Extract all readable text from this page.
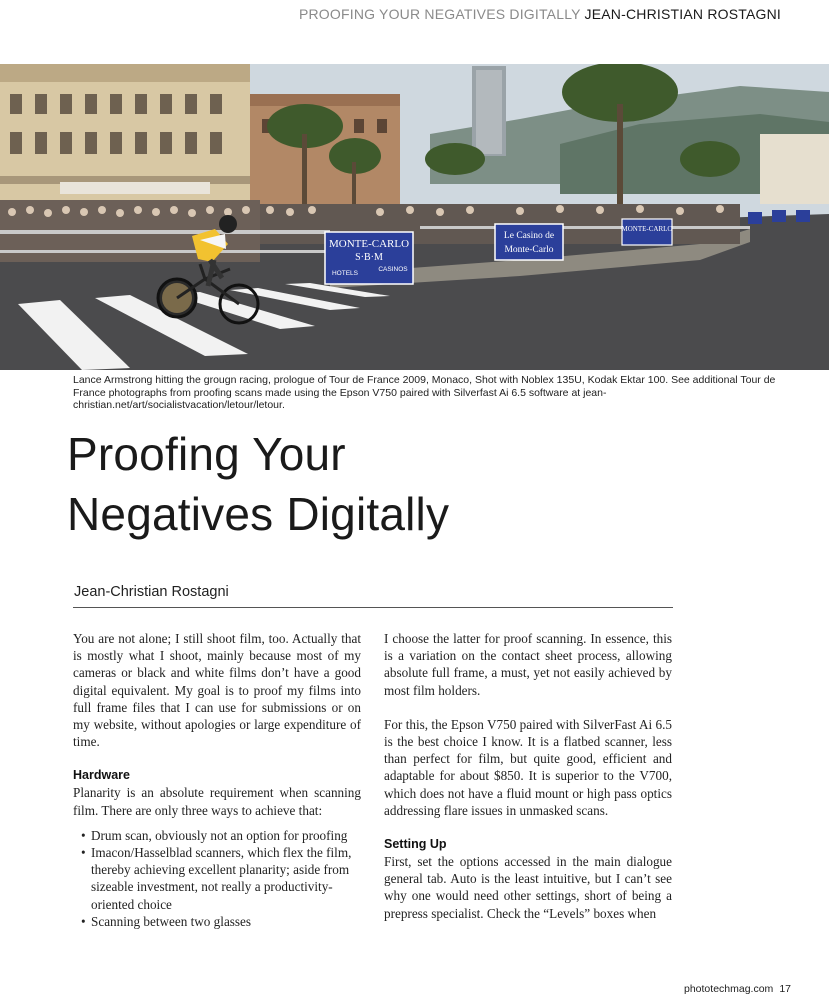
PROOFING YOUR NEGATIVES DIGITALLY JEAN-CHRISTIAN ROSTAGNI
MONTE-CARLO
S·B·M
HOTELS
CASINOS
Le Casino de
Monte-Carlo
MONTE-CARLO
Lance Armstrong hitting the grougn racing, prologue of Tour de France 2009, Monaco, Shot with Noblex 135U, Kodak Ektar 100. See additional Tour de France photographs from proofing scans made using the Epson V750 paired with Silverfast Ai 6.5 software at jean-christian.net/art/socialistvacation/letour/letour.
Proofing Your
Negatives Digitally
Jean-Christian Rostagni

You are not alone; I still shoot film, too. Actually that is mostly what I shoot, mainly because most of my cameras or black and white films don’t have a good digital equivalent. My goal is to proof my films into full frame files that I can use for submissions or on my website, without apologies or large expenditure of time.

Hardware

Planarity is an absolute requirement when scanning film. There are only three ways to achieve that:

• Drum scan, obviously not an option for proofing
• Imacon/Hasselblad scanners, which flex the film, thereby achieving excellent planarity; aside from sizeable investment, not really a productivity-oriented choice
• Scanning between two glasses

I choose the latter for proof scanning. In essence, this is a variation on the contact sheet process, allowing absolute full frame, a must, yet not easily achieved by most film holders.

For this, the Epson V750 paired with SilverFast Ai 6.5 is the best choice I know. It is a flatbed scanner, less than perfect for film, but quite good, efficient and adaptable for about $850. It is superior to the V700, which does not have a fluid mount or high pass optics addressing flare issues in unmasked scans.

Setting Up

First, set the options accessed in the main dialogue general tab. Auto is the least intuitive, but I can’t see why one would need other settings, short of being a prepress specialist. Check the “Levels” boxes when

phototechmag.com 17
